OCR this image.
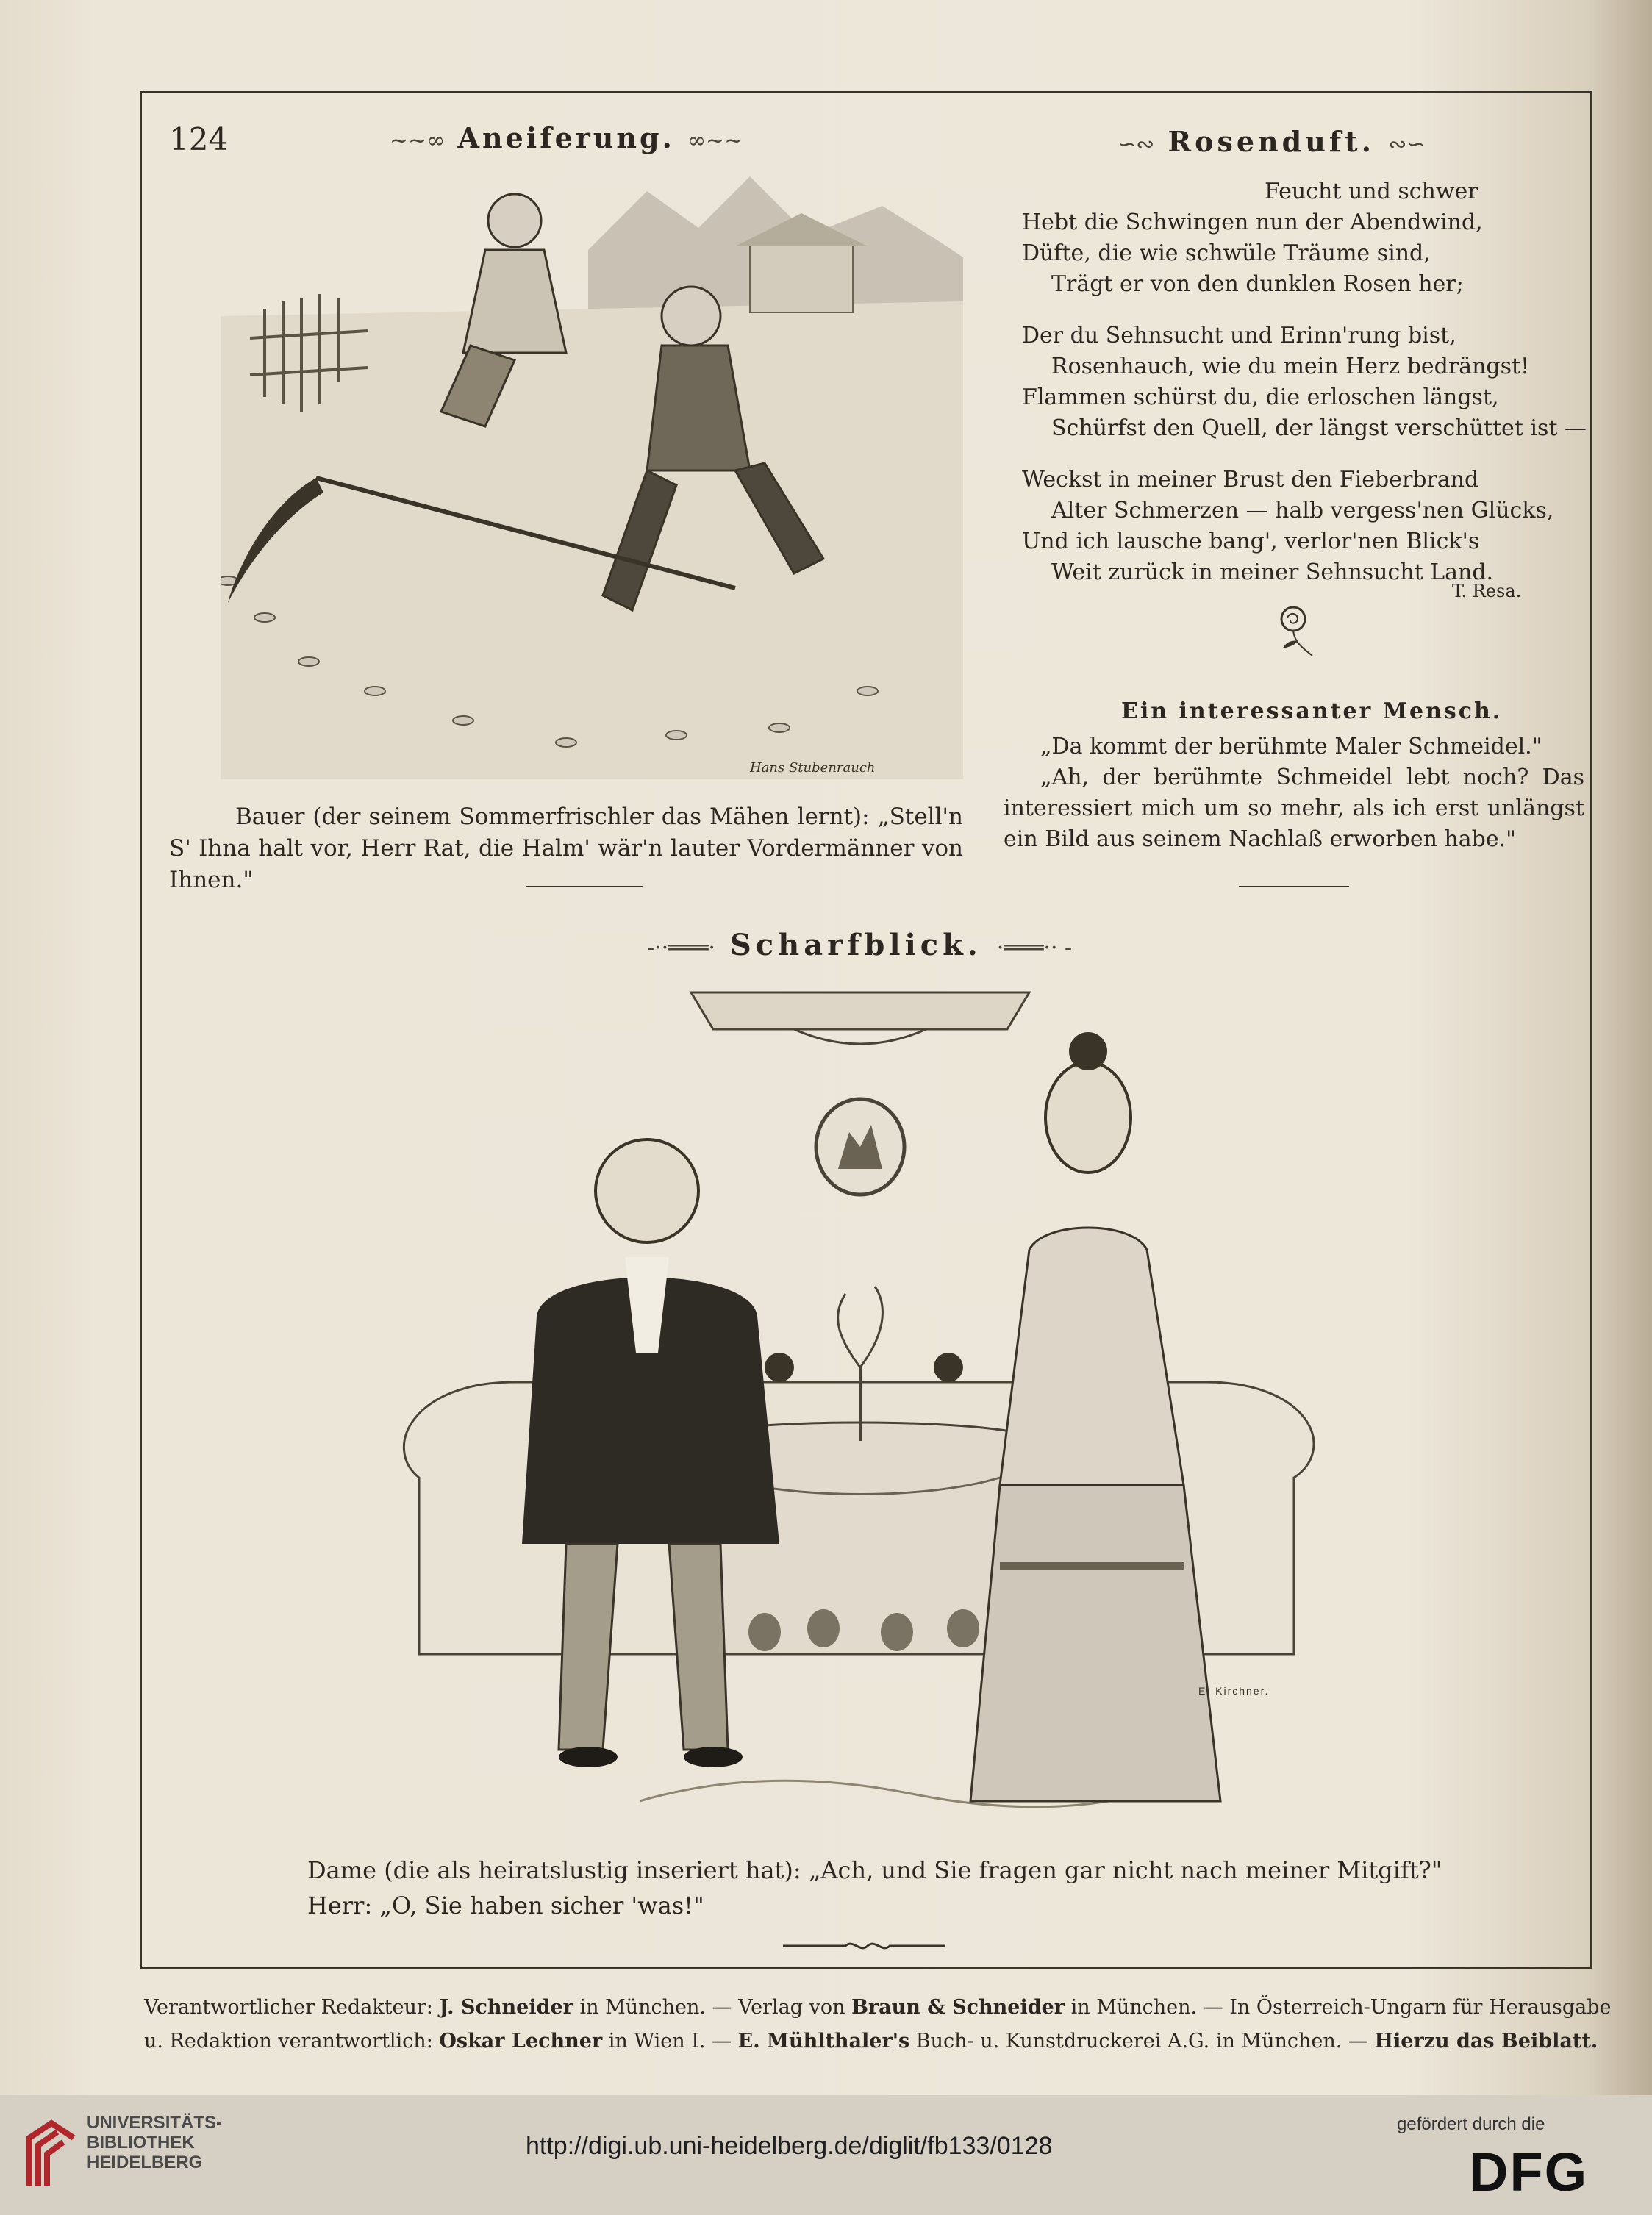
124	~~∞ Aneiferung. ∞~~	∽∾ Rosenduft. ∾∽
Hans Stubenrauch
Feucht und schwer
Hebt die Schwingen nun der Abendwind,
Düfte, die wie schwüle Träume sind,
Trägt er von den dunklen Rosen her;
Der du Sehnsucht und Erinn'rung bist,
Rosenhauch, wie du mein Herz bedrängst!
Flammen schürst du, die erloschen längst,
Schürfst den Quell, der längst verschüttet ist —
Weckst in meiner Brust den Fieberbrand
Alter Schmerzen — halb vergess'nen Glücks,
Und ich lausche bang', verlor'nen Blick's
Weit zurück in meiner Sehnsucht Land.
T. Resa.
Ein interessanter Mensch.

„Da kommt der berühmte Maler Schmeidel."

„Ah, der berühmte Schmeidel lebt noch? Das interessiert mich um so mehr, als ich erst unlängst ein Bild aus seinem Nachlaß erworben habe."

Bauer (der seinem Sommerfrischler das Mähen lernt): „Stell'n S' Ihna halt vor, Herr Rat, die Halm' wär'n lauter Vordermänner von Ihnen."

-··═══· Scharfblick. ·═══·· -
E. Kirchner.
Dame (die als heiratslustig inseriert hat): „Ach, und Sie fragen gar nicht nach meiner Mitgift?"
Herr: „O, Sie haben sicher 'was!"
Verantwortlicher Redakteur: J. Schneider in München. — Verlag von Braun & Schneider in München. — In Österreich-Ungarn für Herausgabe
u. Redaktion verantwortlich: Oskar Lechner in Wien I. — E. Mühlthaler's Buch- u. Kunstdruckerei A.G. in München. — Hierzu das Beiblatt.
UNIVERSITÄTS-
BIBLIOTHEK
HEIDELBERG
http://digi.ub.uni-heidelberg.de/diglit/fb133/0128
gefördert durch die
DFG
